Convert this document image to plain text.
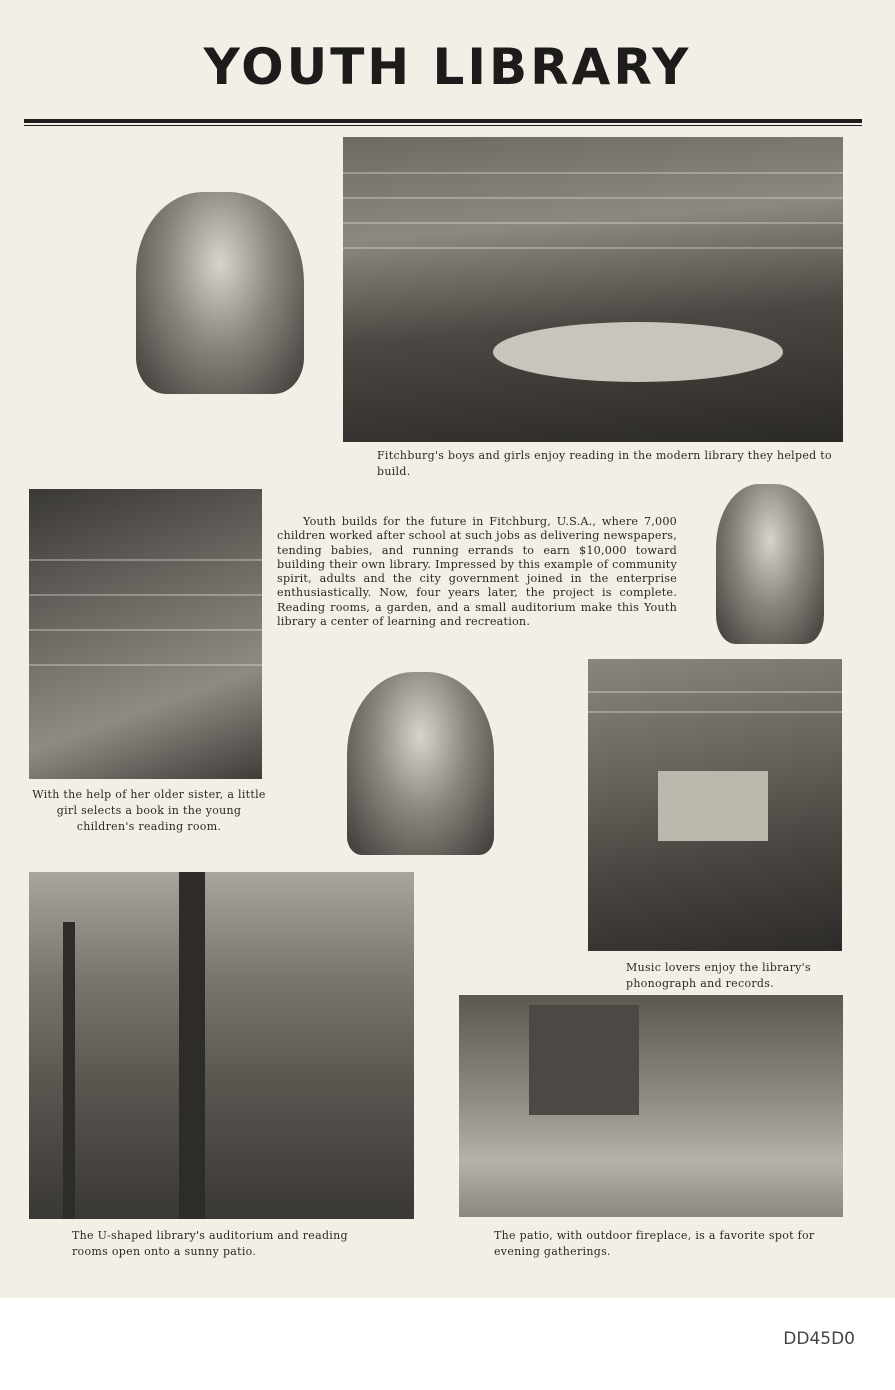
YOUTH LIBRARY

Fitchburg's boys and girls enjoy reading in the modern library they helped to build.

With the help of her older sister, a little girl selects a book in the young children's reading room.

Youth builds for the future in Fitchburg, U.S.A., where 7,000 children worked after school at such jobs as delivering newspapers, tending babies, and running errands to earn $10,000 toward building their own library. Impressed by this example of community spirit, adults and the city government joined in the enterprise enthusiastically. Now, four years later, the project is complete. Reading rooms, a garden, and a small auditorium make this Youth library a center of learning and recreation.

Music lovers enjoy the library's phonograph and records.

The U-shaped library's auditorium and reading rooms open onto a sunny patio.

The patio, with outdoor fireplace, is a favorite spot for evening gatherings.

DD45D0
